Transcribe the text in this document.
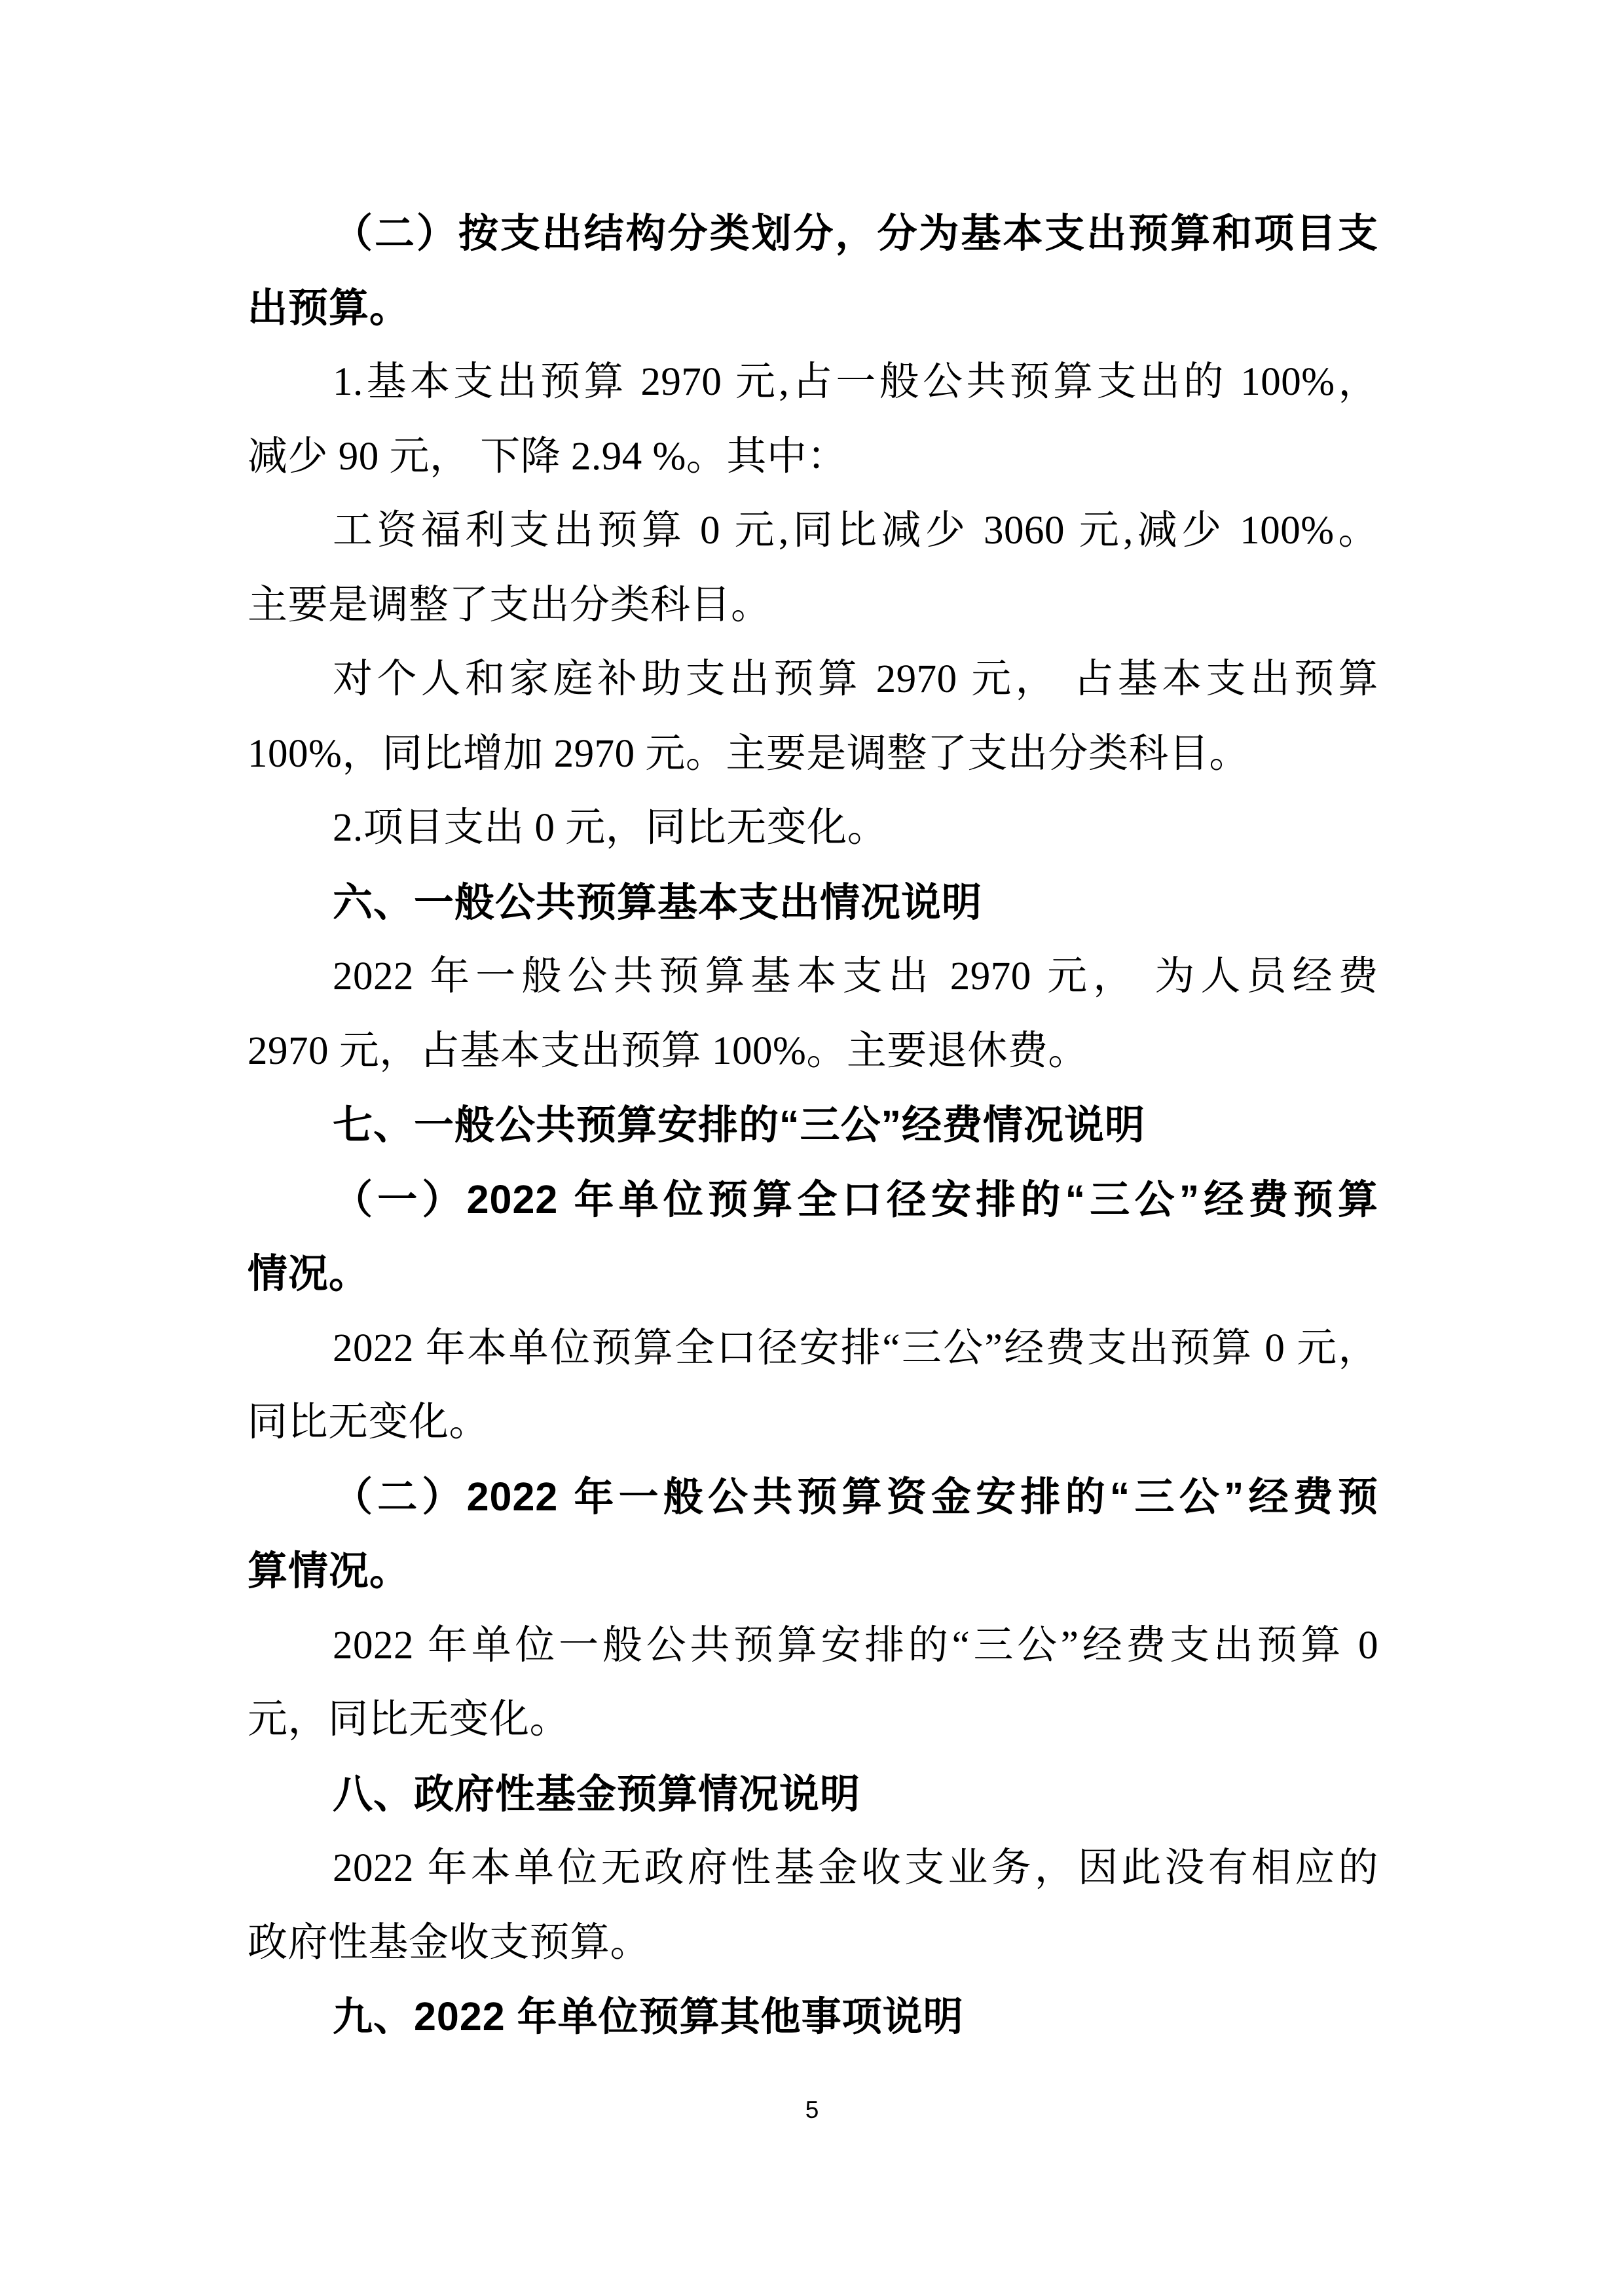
（二）按支出结构分类划分，分为基本支出预算和项目支
出预算。
1.基本支出预算 2970 元,占一般公共预算支出的 100%，
减少 90 元， 下降 2.94 %。其中：
工资福利支出预算 0 元,同比减少 3060 元,减少 100%。
主要是调整了支出分类科目。
对个人和家庭补助支出预算 2970 元， 占基本支出预算
100%，同比增加 2970 元。主要是调整了支出分类科目。
2.项目支出 0 元，同比无变化。
六、一般公共预算基本支出情况说明
2022 年一般公共预算基本支出 2970 元， 为人员经费
2970 元，占基本支出预算 100%。主要退休费。
七、一般公共预算安排的“三公”经费情况说明
（一）2022 年单位预算全口径安排的“三公”经费预算
情况。
2022 年本单位预算全口径安排“三公”经费支出预算 0 元，
同比无变化。
（二）2022 年一般公共预算资金安排的“三公”经费预
算情况。
2022 年单位一般公共预算安排的“三公”经费支出预算 0
元，同比无变化。
八、政府性基金预算情况说明
2022 年本单位无政府性基金收支业务，因此没有相应的
政府性基金收支预算。
九、2022 年单位预算其他事项说明
5
